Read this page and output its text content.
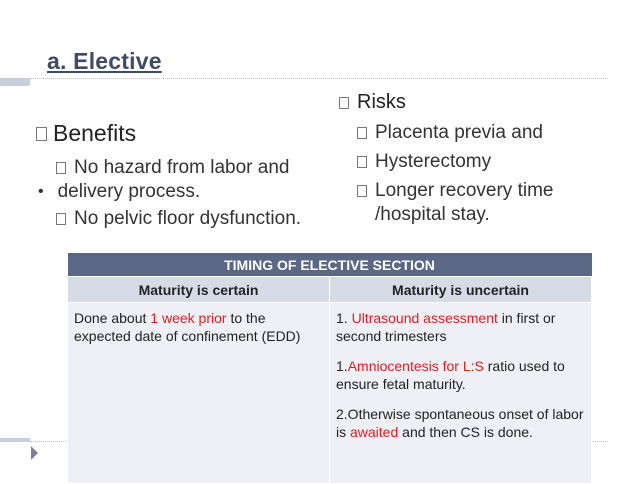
a. Elective
Benefits
No hazard from labor and
• delivery process.
No pelvic floor dysfunction.
Risks
Placenta previa and
Hysterectomy
Longer recovery time
/hospital stay.
TIMING OF ELECTIVE SECTION	
Maturity is certain	Maturity is uncertain

Done about 1 week prior to the expected date of confinement (EDD)	1. Ultrasound assessment in first or second trimesters

1.Amniocentesis for L:S ratio used to ensure fetal maturity.

2.Otherwise spontaneous onset of labor is awaited and then CS is done.
